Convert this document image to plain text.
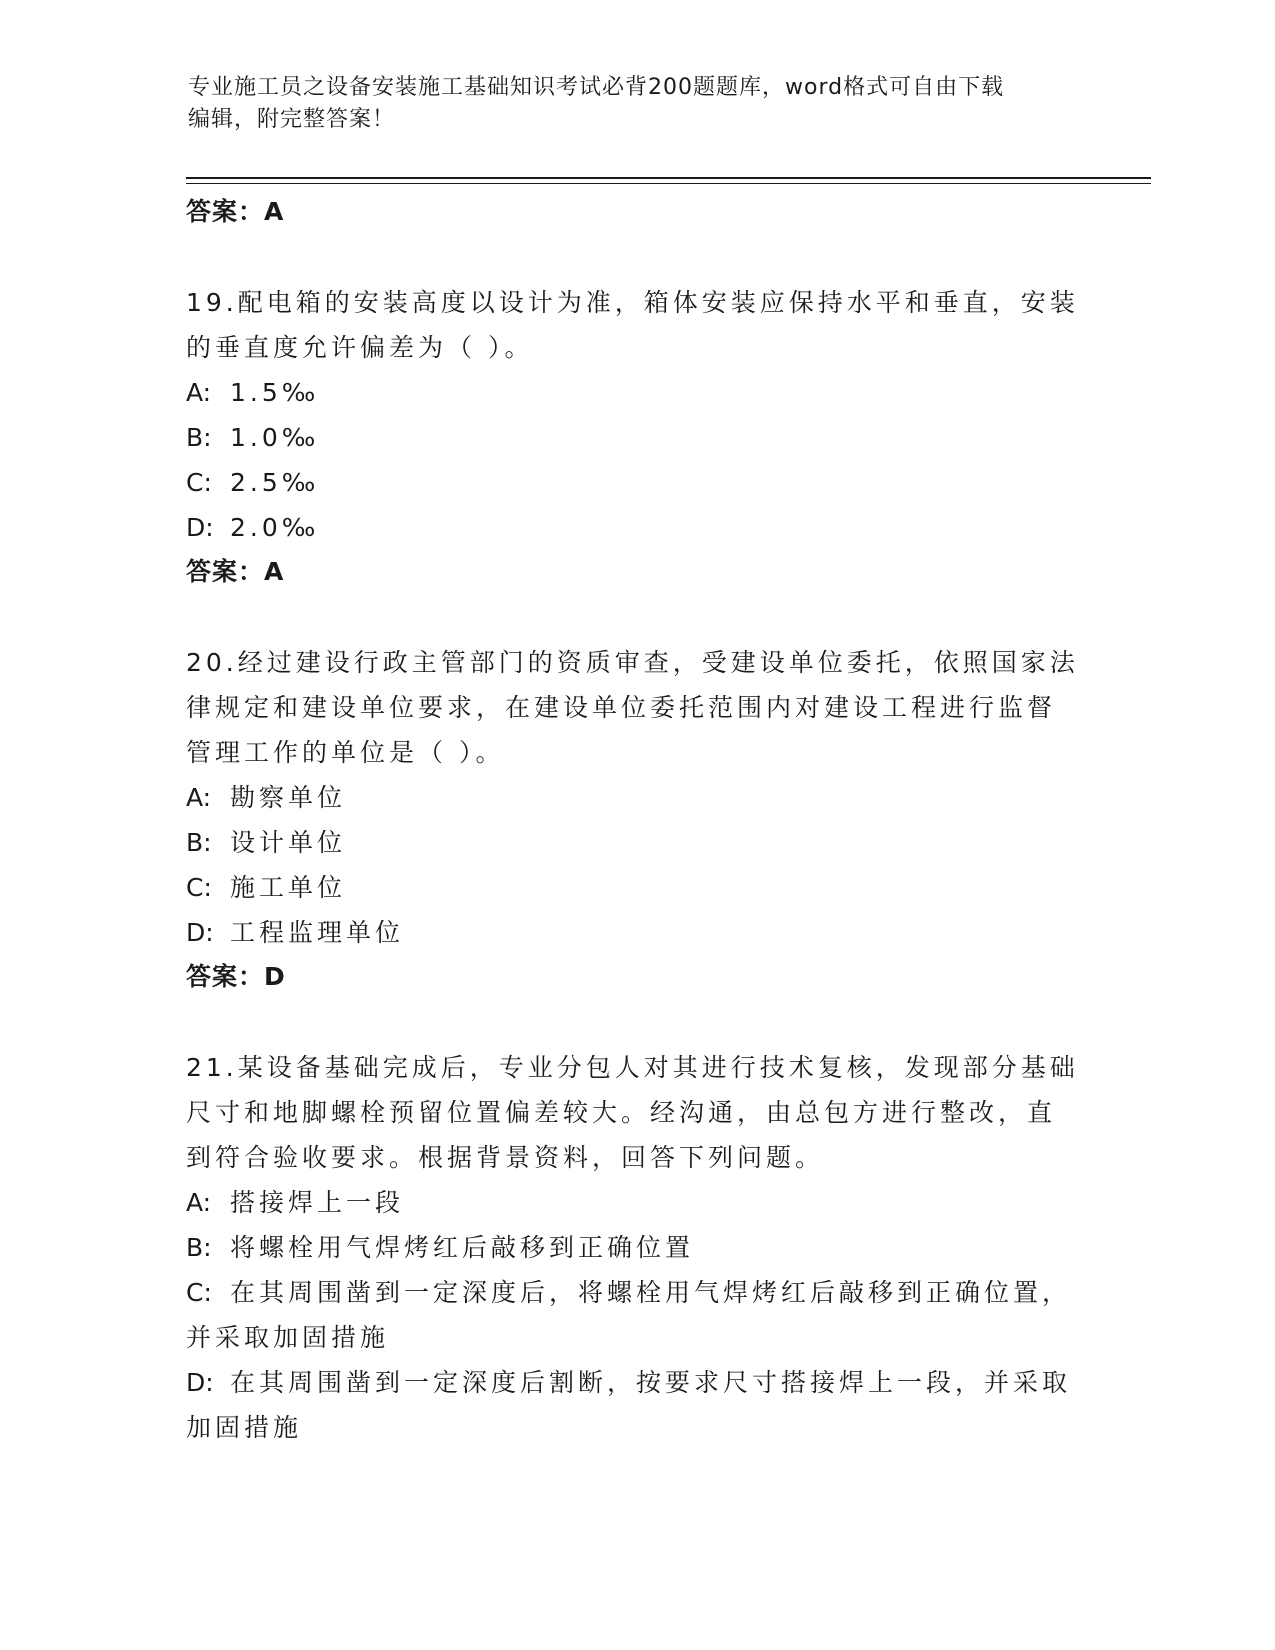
专业施工员之设备安装施工基础知识考试必背200题题库，word格式可自由下载
编辑，附完整答案！
答案：A
19.配电箱的安装高度以设计为准，箱体安装应保持水平和垂直，安装
的垂直度允许偏差为（ ）。
A: 1.5‰
B: 1.0‰
C: 2.5‰
D: 2.0‰
答案：A
20.经过建设行政主管部门的资质审查，受建设单位委托，依照国家法
律规定和建设单位要求，在建设单位委托范围内对建设工程进行监督
管理工作的单位是（ ）。
A: 勘察单位
B: 设计单位
C: 施工单位
D: 工程监理单位
答案：D
21.某设备基础完成后，专业分包人对其进行技术复核，发现部分基础
尺寸和地脚螺栓预留位置偏差较大。经沟通，由总包方进行整改，直
到符合验收要求。根据背景资料，回答下列问题。
A: 搭接焊上一段
B: 将螺栓用气焊烤红后敲移到正确位置
C: 在其周围凿到一定深度后，将螺栓用气焊烤红后敲移到正确位置，
并采取加固措施
D: 在其周围凿到一定深度后割断，按要求尺寸搭接焊上一段，并采取
加固措施
